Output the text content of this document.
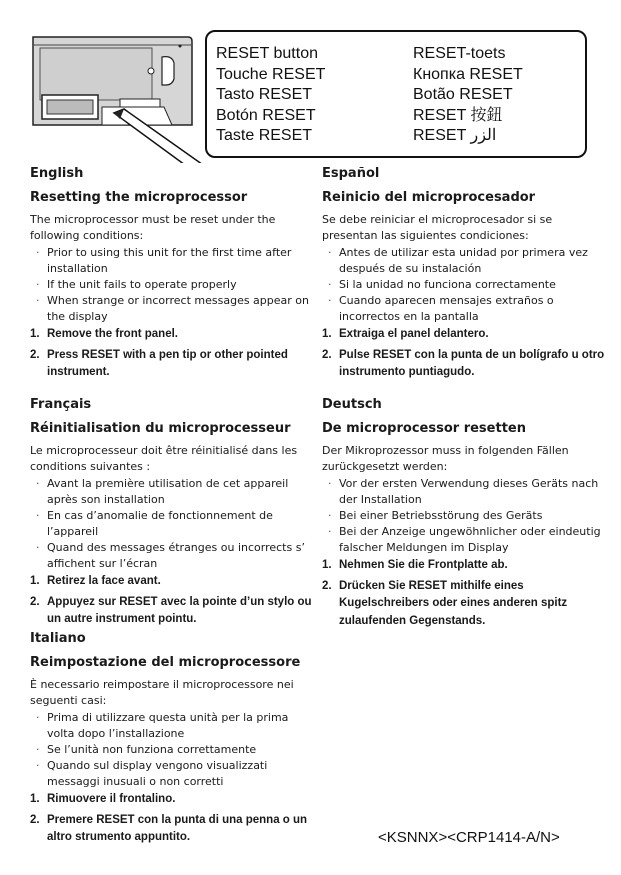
RESET button
Touche RESET
Tasto RESET
Botón RESET
Taste RESET
RESET-toets
Кнопка RESET
Botão RESET
RESET 按鈕
RESET الزر
English
Resetting the microprocessor
The microprocessor must be reset under the following conditions:
· Prior to using this unit for the first time after installation
· If the unit fails to operate properly
· When strange or incorrect messages appear on the display
1. Remove the front panel.
2. Press RESET with a pen tip or other pointed instrument.
Français
Réinitialisation du microprocesseur
Le microprocesseur doit être réinitialisé dans les conditions suivantes :
· Avant la première utilisation de cet appareil après son installation
· En cas d’anomalie de fonctionnement de l’appareil
· Quand des messages étranges ou incorrects s’ affichent sur l’écran
1. Retirez la face avant.
2. Appuyez sur RESET avec la pointe d’un stylo ou un autre instrument pointu.
Italiano
Reimpostazione del microprocessore
È necessario reimpostare il microprocessore nei seguenti casi:
· Prima di utilizzare questa unità per la prima volta dopo l’installazione
· Se l’unità non funziona correttamente
· Quando sul display vengono visualizzati messaggi inusuali o non corretti
1. Rimuovere il frontalino.
2. Premere RESET con la punta di una penna o un altro strumento appuntito.
Español
Reinicio del microprocesador
Se debe reiniciar el microprocesador si se presentan las siguientes condiciones:
· Antes de utilizar esta unidad por primera vez después de su instalación
· Si la unidad no funciona correctamente
· Cuando aparecen mensajes extraños o incorrectos en la pantalla
1. Extraiga el panel delantero.
2. Pulse RESET con la punta de un bolígrafo u otro instrumento puntiagudo.
Deutsch
De microprocessor resetten
Der Mikroprozessor muss in folgenden Fällen zurückgesetzt werden:
· Vor der ersten Verwendung dieses Geräts nach der Installation
· Bei einer Betriebsstörung des Geräts
· Bei der Anzeige ungewöhnlicher oder eindeutig falscher Meldungen im Display
1. Nehmen Sie die Frontplatte ab.
2. Drücken Sie RESET mithilfe eines Kugelschreibers oder eines anderen spitz zulaufenden Gegenstands.
<KSNNX><CRP1414-A/N>
